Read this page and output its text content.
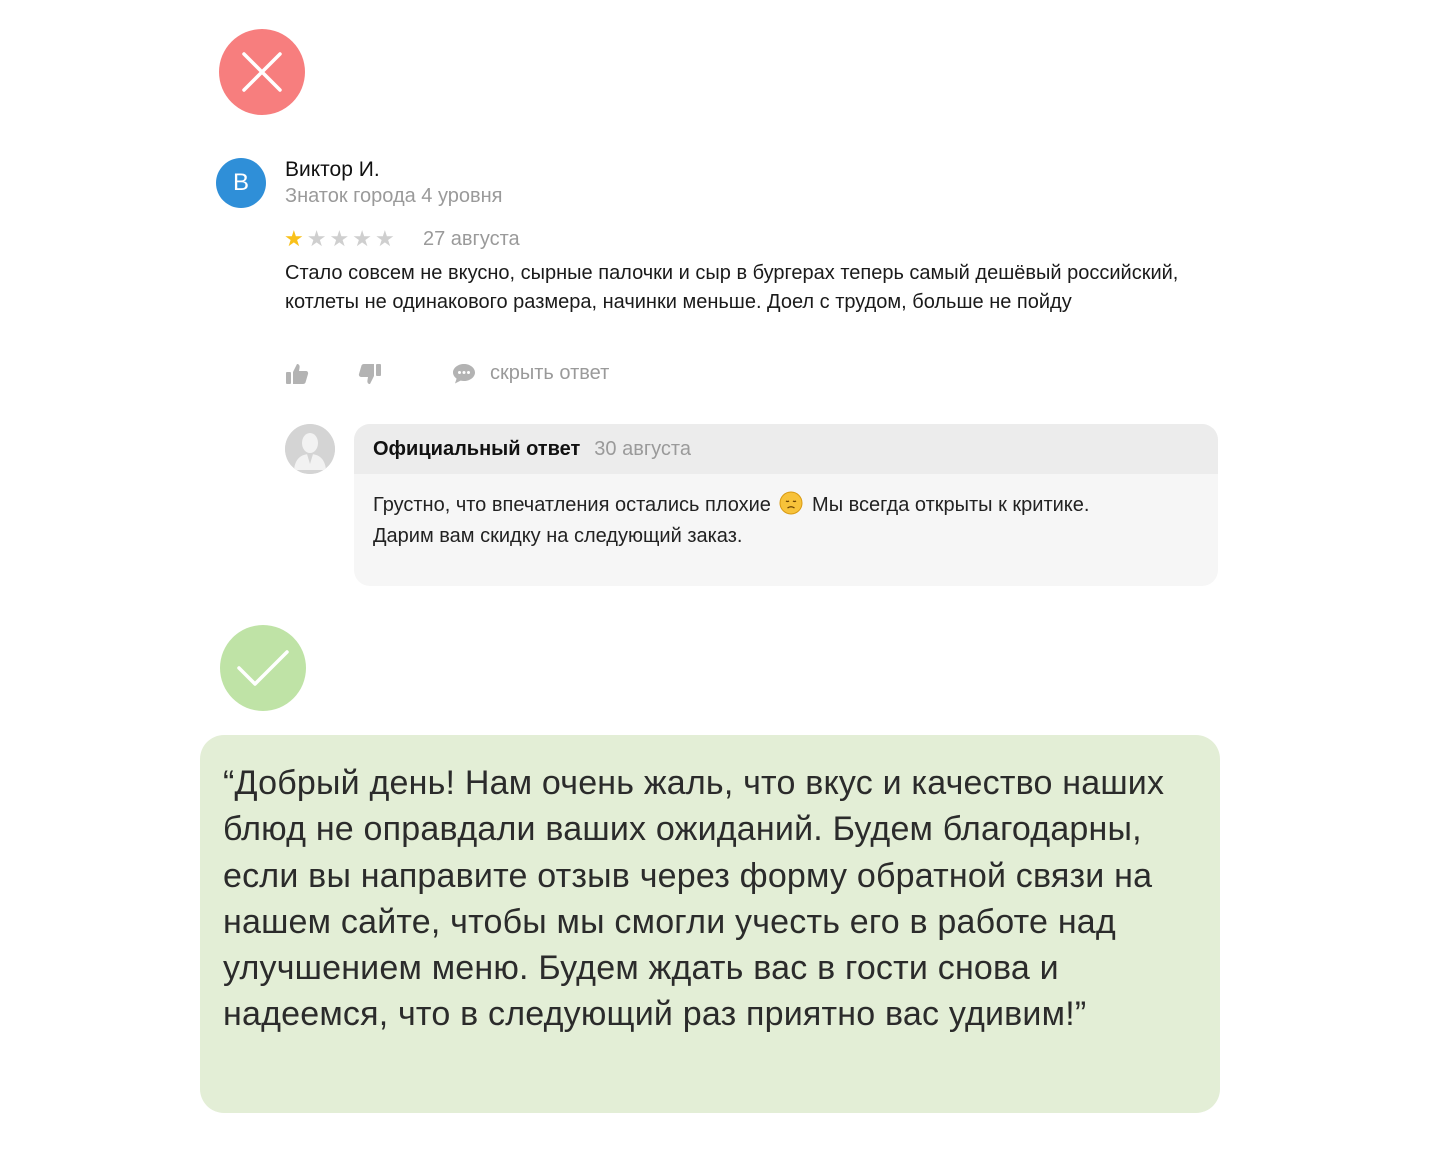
В Виктор И.
Знаток города 4 уровня
★ ★ ★ ★ ★ 27 августа
Стало совсем не вкусно, сырные палочки и сыр в бургерах теперь самый дешёвый российский, котлеты не одинакового размера, начинки меньше. Доел с трудом, больше не пойду
скрыть ответ
Официальный ответ 30 августа
Грустно, что впечатления остались плохие Мы всегда открыты к критике.
Дарим вам скидку на следующий заказ.
“Добрый день! Нам очень жаль, что вкус и качество наших блюд не оправдали ваших ожиданий. Будем благодарны, если вы направите отзыв через форму обратной связи на нашем сайте, чтобы мы смогли учесть его в работе над улучшением меню. Будем ждать вас в гости снова и надеемся, что в следующий раз приятно вас удивим!”
